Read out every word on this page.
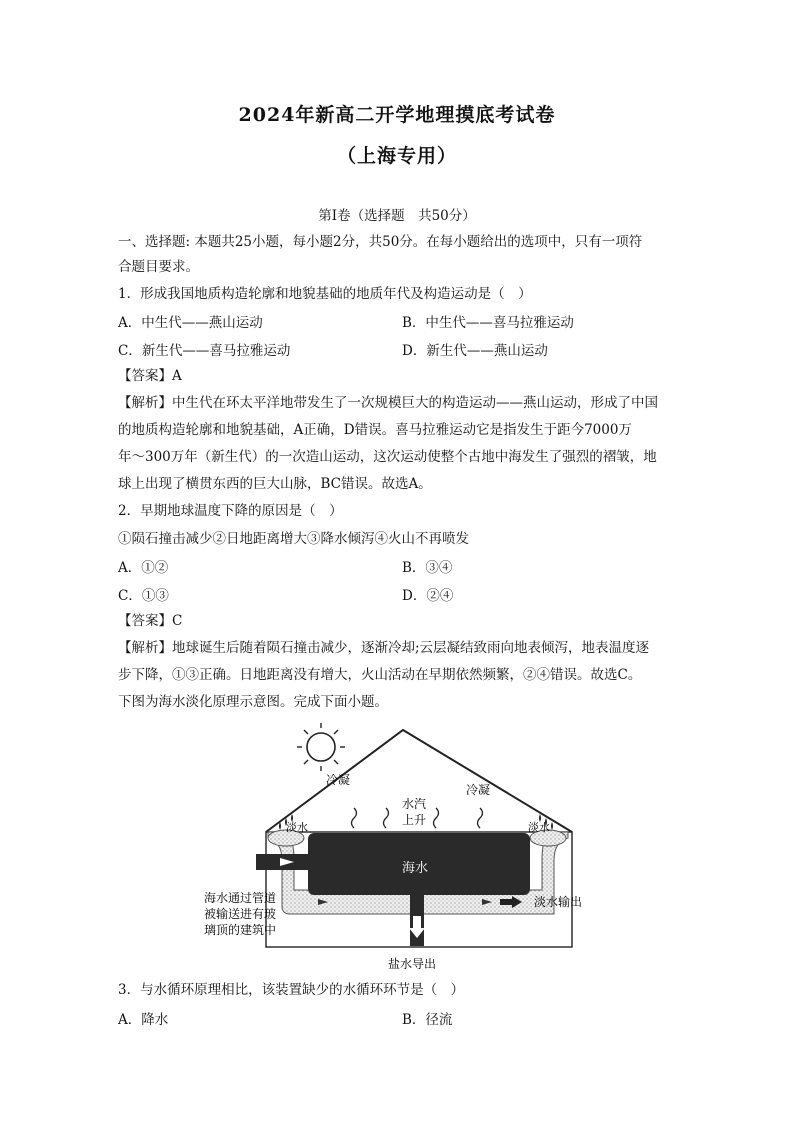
2024年新高二开学地理摸底考试卷
（上海专用）
第I卷（选择题　共50分）
一、选择题: 本题共25小题，每小题2分，共50分。在每小题给出的选项中，只有一项符
合题目要求。
1．形成我国地质构造轮廓和地貌基础的地质年代及构造运动是（　）
A．中生代——燕山运动	B．中生代——喜马拉雅运动
C．新生代——喜马拉雅运动	D．新生代——燕山运动
【答案】A
【解析】中生代在环太平洋地带发生了一次规模巨大的构造运动——燕山运动，形成了中国
的地质构造轮廓和地貌基础，A正确，D错误。喜马拉雅运动它是指发生于距今7000万
年～300万年（新生代）的一次造山运动，这次运动使整个古地中海发生了强烈的褶皱，地
球上出现了横贯东西的巨大山脉，BC错误。故选A。
2．早期地球温度下降的原因是（　）
①陨石撞击减少②日地距离增大③降水倾泻④火山不再喷发
A．①②	B．③④
C．①③	D．②④
【答案】C
【解析】地球诞生后随着陨石撞击减少，逐渐冷却;云层凝结致雨向地表倾泻，地表温度逐
步下降，①③正确。日地距离没有增大，火山活动在早期依然频繁，②④错误。故选C。
下图为海水淡化原理示意图。完成下面小题。
冷凝
冷凝
水汽
上升
淡水	淡水
海水
海水通过管道
被输送进有玻
璃顶的建筑中
淡水输出
盐水导出
3．与水循环原理相比，该装置缺少的水循环环节是（　）
A．降水	B．径流
